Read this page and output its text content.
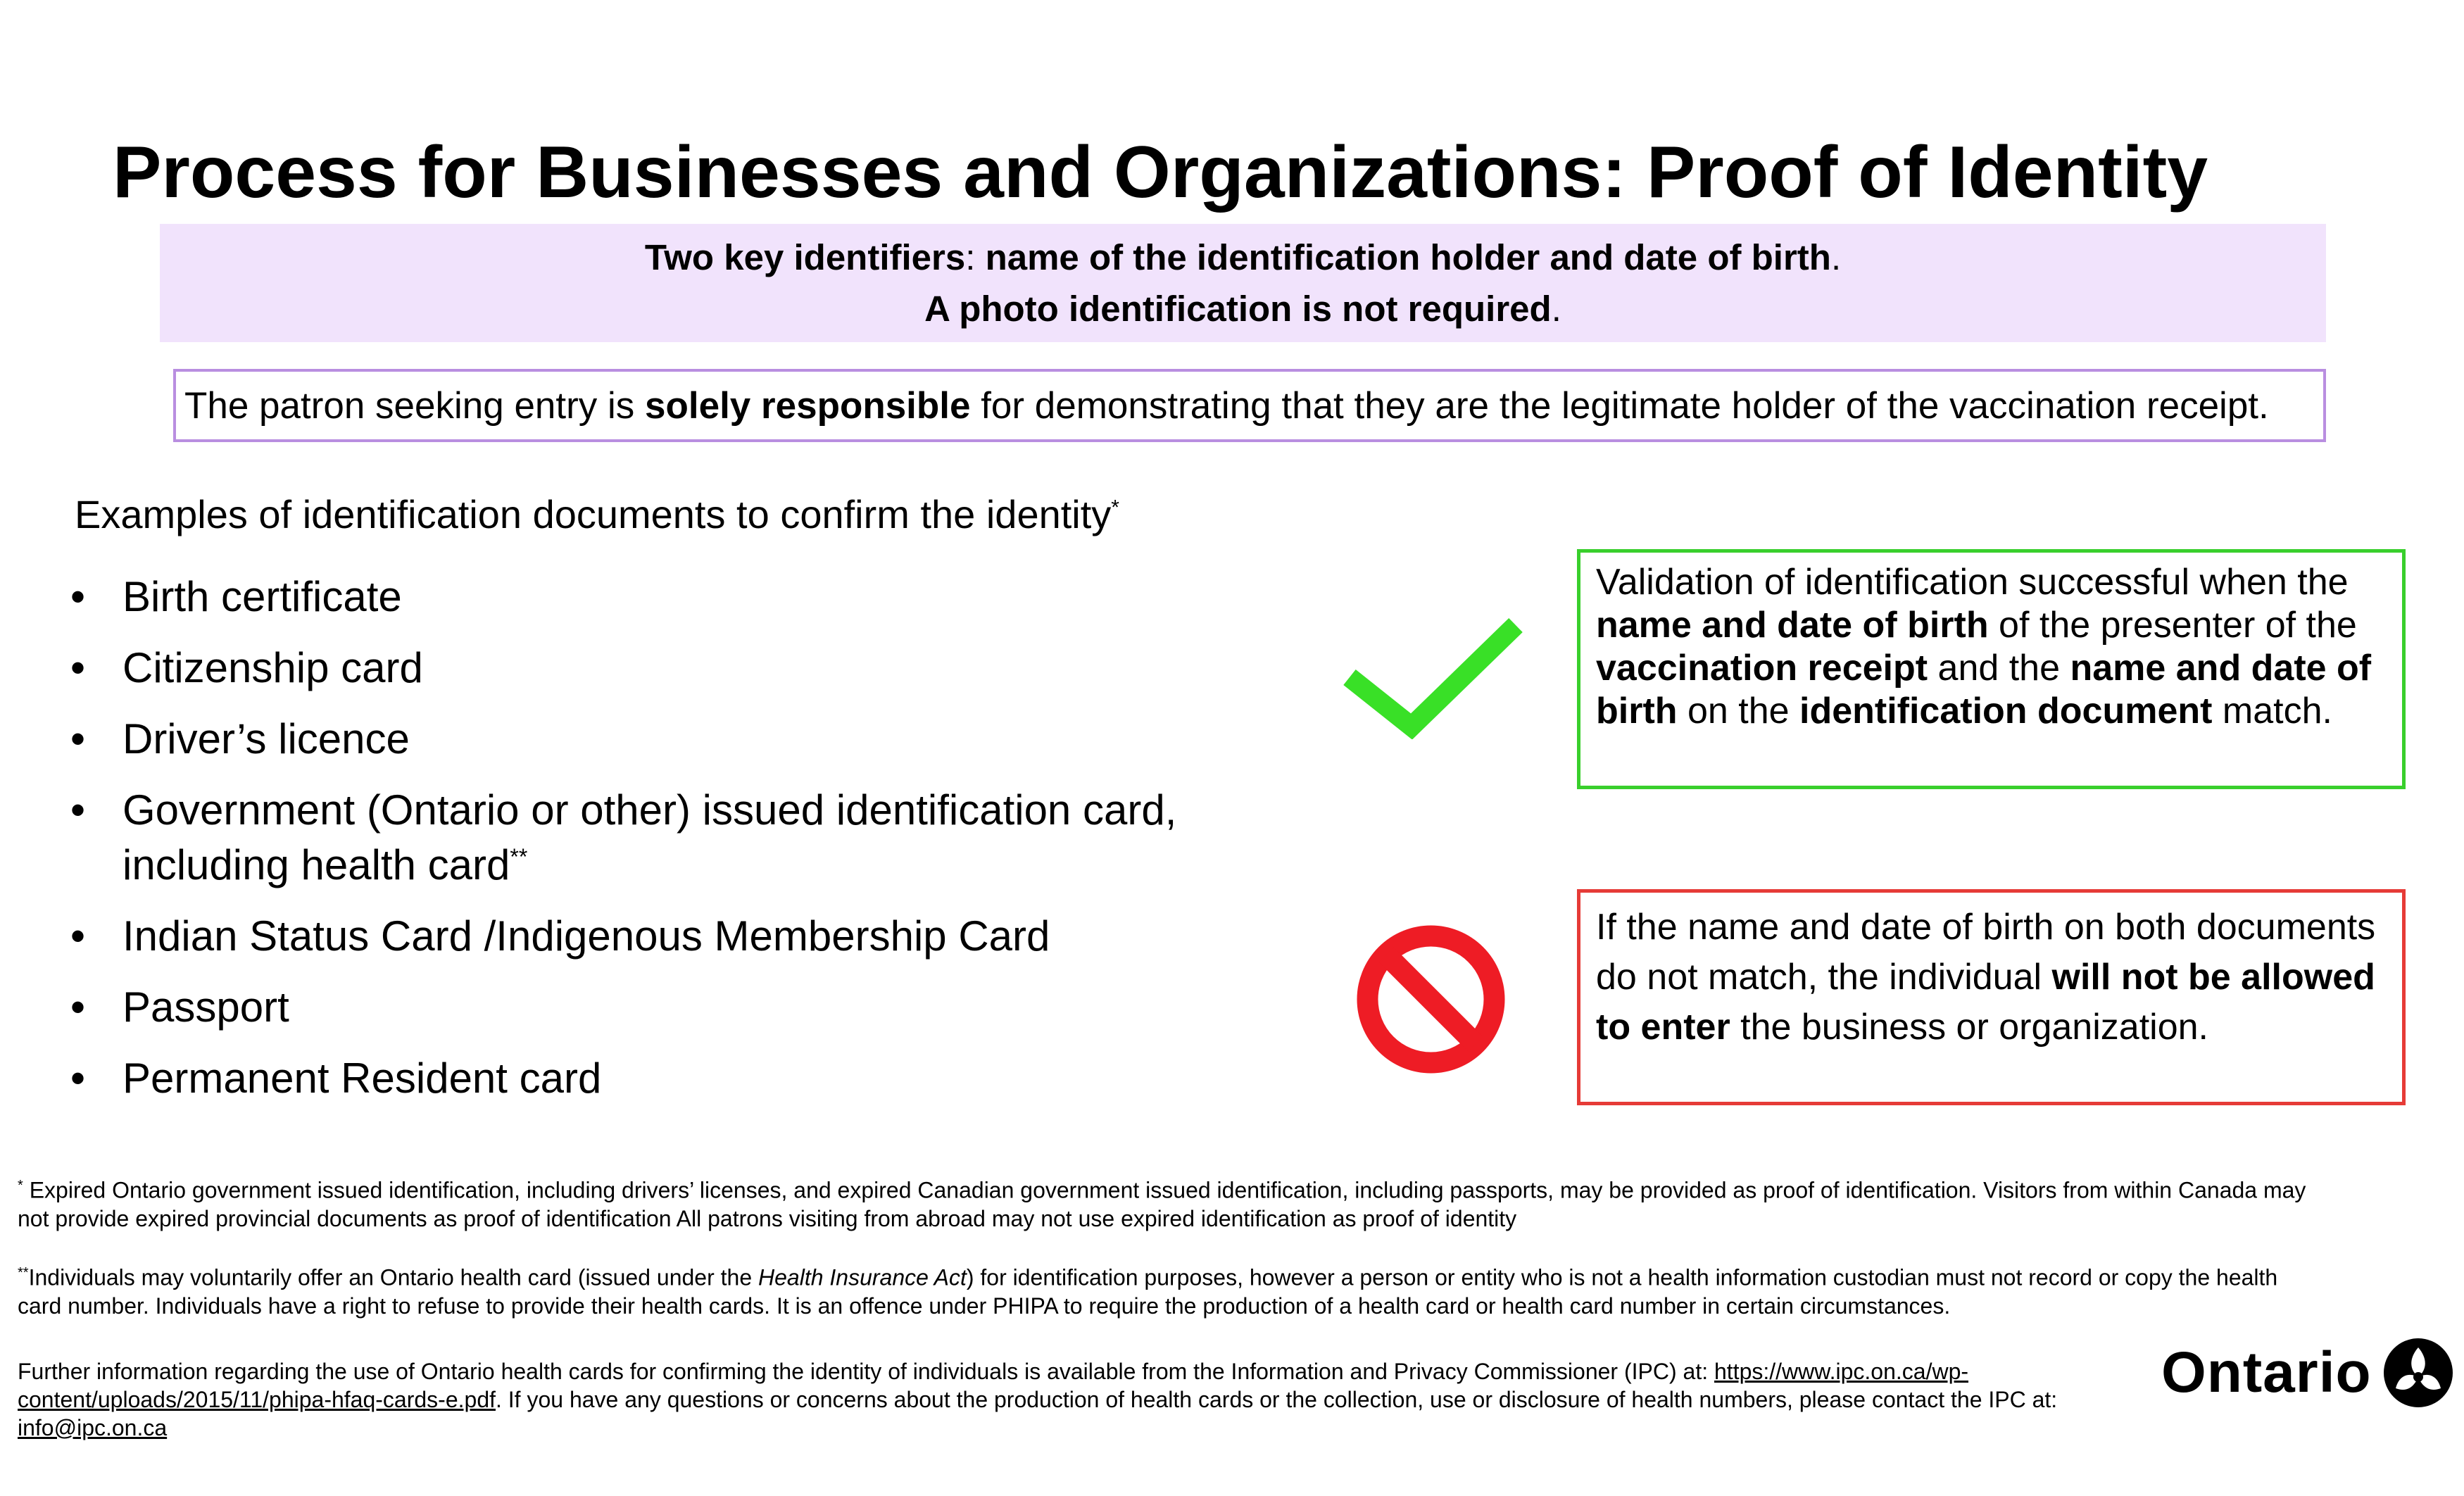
Process for Businesses and Organizations: Proof of Identity
Two key identifiers: name of the identification holder and date of birth.
A photo identification is not required.
The patron seeking entry is solely responsible for demonstrating that they are the legitimate holder of the vaccination receipt.
Examples of identification documents to confirm the identity*
• Birth certificate
• Citizenship card
• Driver’s licence
• Government (Ontario or other) issued identification card,
including health card**
• Indian Status Card /Indigenous Membership Card
• Passport
• Permanent Resident card
Validation of identification successful when the name and date of birth of the presenter of the vaccination receipt and the name and date of birth on the identification document match.
If the name and date of birth on both documents do not match, the individual will not be allowed to enter the business or organization.
* Expired Ontario government issued identification, including drivers’ licenses, and expired Canadian government issued identification, including passports, may be provided as proof of identification. Visitors from within Canada may not provide expired provincial documents as proof of identification All patrons visiting from abroad may not use expired identification as proof of identity
**Individuals may voluntarily offer an Ontario health card (issued under the Health Insurance Act) for identification purposes, however a person or entity who is not a health information custodian must not record or copy the health card number. Individuals have a right to refuse to provide their health cards. It is an offence under PHIPA to require the production of a health card or health card number in certain circumstances.
Further information regarding the use of Ontario health cards for confirming the identity of individuals is available from the Information and Privacy Commissioner (IPC) at: https://www.ipc.on.ca/wp-content/uploads/2015/11/phipa-hfaq-cards-e.pdf. If you have any questions or concerns about the production of health cards or the collection, use or disclosure of health numbers, please contact the IPC at: info@ipc.on.ca
Ontario
